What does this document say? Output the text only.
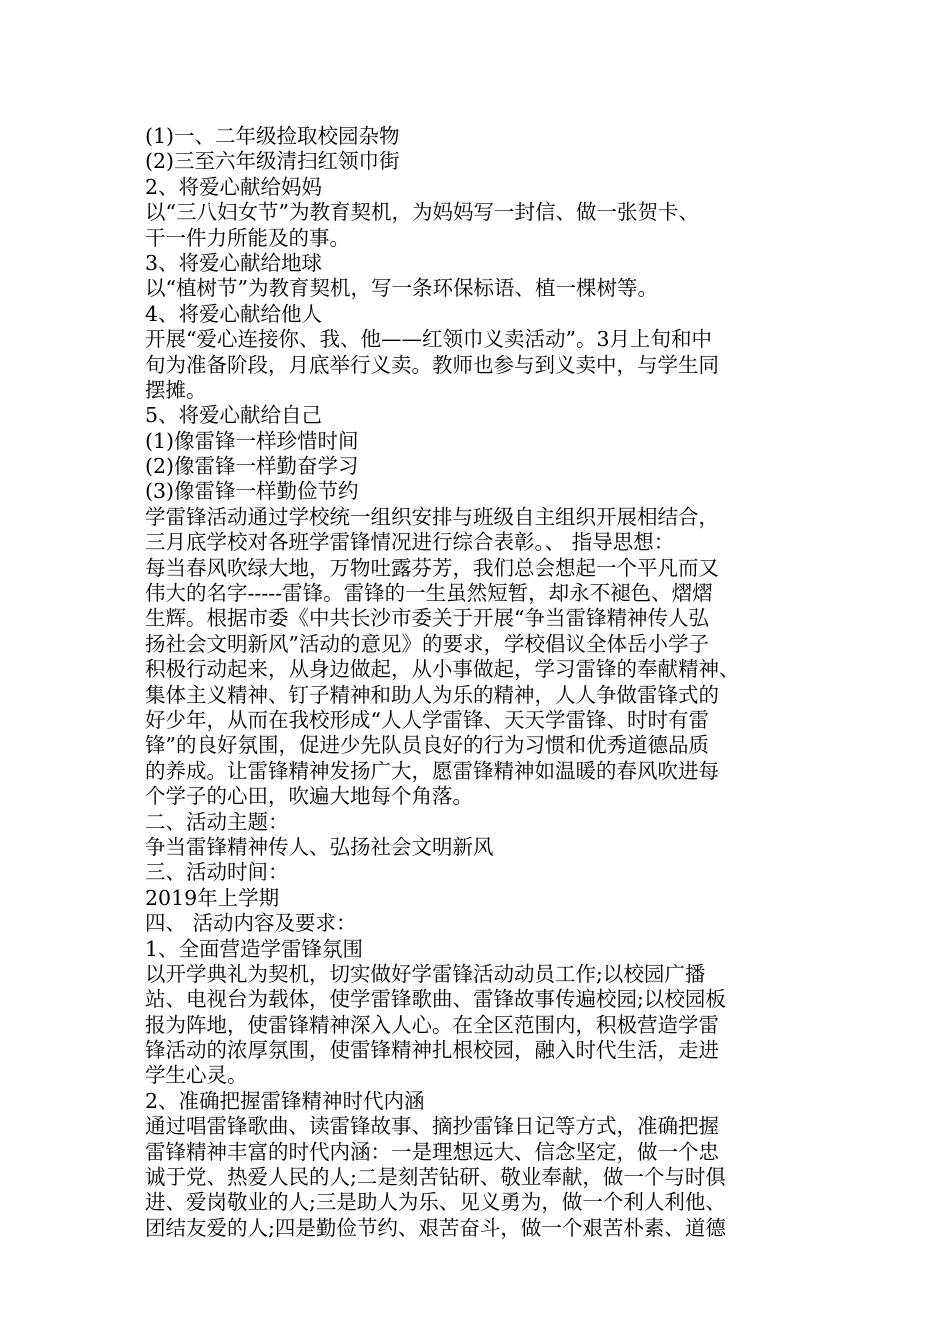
(1)一、二年级捡取校园杂物
(2)三至六年级清扫红领巾街
2、将爱心献给妈妈
以“三八妇女节”为教育契机，为妈妈写一封信、做一张贺卡、
干一件力所能及的事。
3、将爱心献给地球
以“植树节”为教育契机，写一条环保标语、植一棵树等。
4、将爱心献给他人
开展“爱心连接你、我、他——红领巾义卖活动”。3月上旬和中
旬为准备阶段，月底举行义卖。教师也参与到义卖中，与学生同
摆摊。
5、将爱心献给自己
(1)像雷锋一样珍惜时间
(2)像雷锋一样勤奋学习
(3)像雷锋一样勤俭节约
学雷锋活动通过学校统一组织安排与班级自主组织开展相结合，
三月底学校对各班学雷锋情况进行综合表彰。、 指导思想：
每当春风吹绿大地，万物吐露芬芳，我们总会想起一个平凡而又
伟大的名字-----雷锋。雷锋的一生虽然短暂，却永不褪色、熠熠
生辉。根据市委《中共长沙市委关于开展“争当雷锋精神传人弘
扬社会文明新风”活动的意见》的要求，学校倡议全体岳小学子
积极行动起来，从身边做起，从小事做起，学习雷锋的奉献精神、
集体主义精神、钉子精神和助人为乐的精神，人人争做雷锋式的
好少年，从而在我校形成“人人学雷锋、天天学雷锋、时时有雷
锋”的良好氛围，促进少先队员良好的行为习惯和优秀道德品质
的养成。让雷锋精神发扬广大，愿雷锋精神如温暖的春风吹进每
个学子的心田，吹遍大地每个角落。
二、活动主题：
争当雷锋精神传人、弘扬社会文明新风
三、活动时间：
2019年上学期
四、 活动内容及要求：
1、全面营造学雷锋氛围
以开学典礼为契机，切实做好学雷锋活动动员工作;以校园广播
站、电视台为载体，使学雷锋歌曲、雷锋故事传遍校园;以校园板
报为阵地，使雷锋精神深入人心。在全区范围内，积极营造学雷
锋活动的浓厚氛围，使雷锋精神扎根校园，融入时代生活，走进
学生心灵。
2、准确把握雷锋精神时代内涵
通过唱雷锋歌曲、读雷锋故事、摘抄雷锋日记等方式，准确把握
雷锋精神丰富的时代内涵：一是理想远大、信念坚定，做一个忠
诚于党、热爱人民的人;二是刻苦钻研、敬业奉献，做一个与时俱
进、爱岗敬业的人;三是助人为乐、见义勇为，做一个利人利他、
团结友爱的人;四是勤俭节约、艰苦奋斗，做一个艰苦朴素、道德
